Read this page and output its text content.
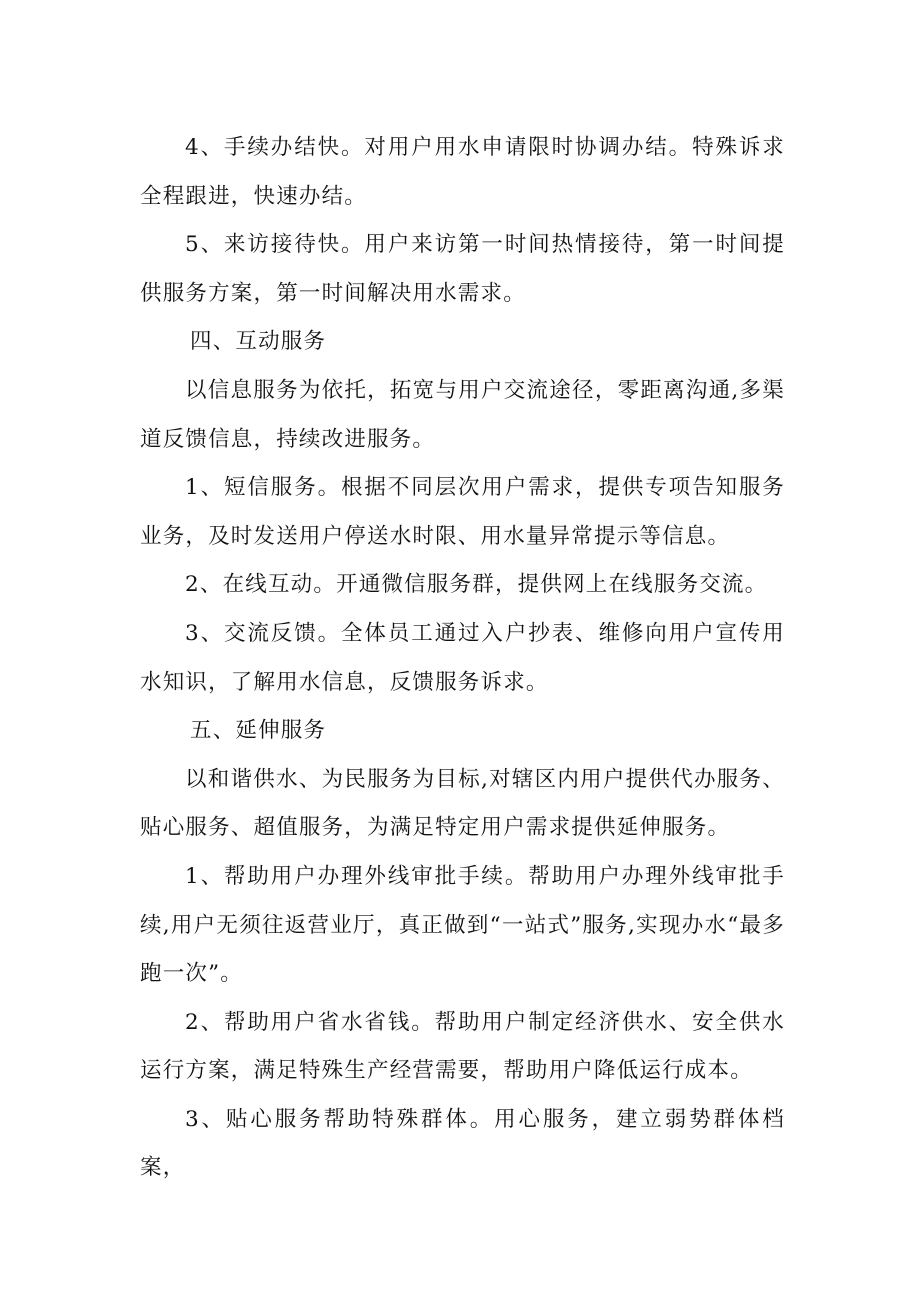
4、手续办结快。对用户用水申请限时协调办结。特殊诉求全程跟进，快速办结。

5、来访接待快。用户来访第一时间热情接待，第一时间提供服务方案，第一时间解决用水需求。

四、互动服务

以信息服务为依托，拓宽与用户交流途径，零距离沟通,多渠道反馈信息，持续改进服务。

1、短信服务。根据不同层次用户需求，提供专项告知服务业务，及时发送用户停送水时限、用水量异常提示等信息。

2、在线互动。开通微信服务群，提供网上在线服务交流。

3、交流反馈。全体员工通过入户抄表、维修向用户宣传用水知识，了解用水信息，反馈服务诉求。

五、延伸服务

以和谐供水、为民服务为目标,对辖区内用户提供代办服务、贴心服务、超值服务，为满足特定用户需求提供延伸服务。

1、帮助用户办理外线审批手续。帮助用户办理外线审批手续,用户无须往返营业厅，真正做到“一站式”服务,实现办水“最多跑一次”。

2、帮助用户省水省钱。帮助用户制定经济供水、安全供水运行方案，满足特殊生产经营需要，帮助用户降低运行成本。

3、贴心服务帮助特殊群体。用心服务，建立弱势群体档案，
